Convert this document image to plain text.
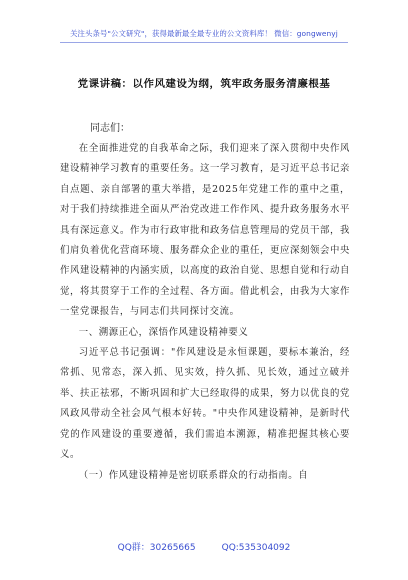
关注头条号"公文研究"，获得最新最全最专业的公文资料库！ 微信：gongwenyj
党课讲稿：以作风建设为纲，筑牢政务服务清廉根基
同志们：

在全面推进党的自我革命之际，我们迎来了深入贯彻中央作风建设精神学习教育的重要任务。这一学习教育，是习近平总书记亲自点题、亲自部署的重大举措，是2025年党建工作的重中之重，对于我们持续推进全面从严治党改进工作作风、提升政务服务水平具有深远意义。作为市行政审批和政务信息管理局的党员干部，我们肩负着优化营商环境、服务群众企业的重任，更应深刻领会中央作风建设精神的内涵实质，以高度的政治自觉、思想自觉和行动自觉，将其贯穿于工作的全过程、各方面。借此机会，由我为大家作一堂党课报告，与同志们共同探讨交流。

一、溯源正心，深悟作风建设精神要义

习近平总书记强调："作风建设是永恒课题，要标本兼治，经常抓、见常态，深入抓、见实效，持久抓、见长效，通过立破并举、扶正祛邪，不断巩固和扩大已经取得的成果，努力以优良的党风政风带动全社会风气根本好转。"中央作风建设精神，是新时代党的作风建设的重要遵循，我们需追本溯源，精准把握其核心要义。

（一）作风建设精神是密切联系群众的行动指南。自

QQ群：30265665	QQ:535304092
